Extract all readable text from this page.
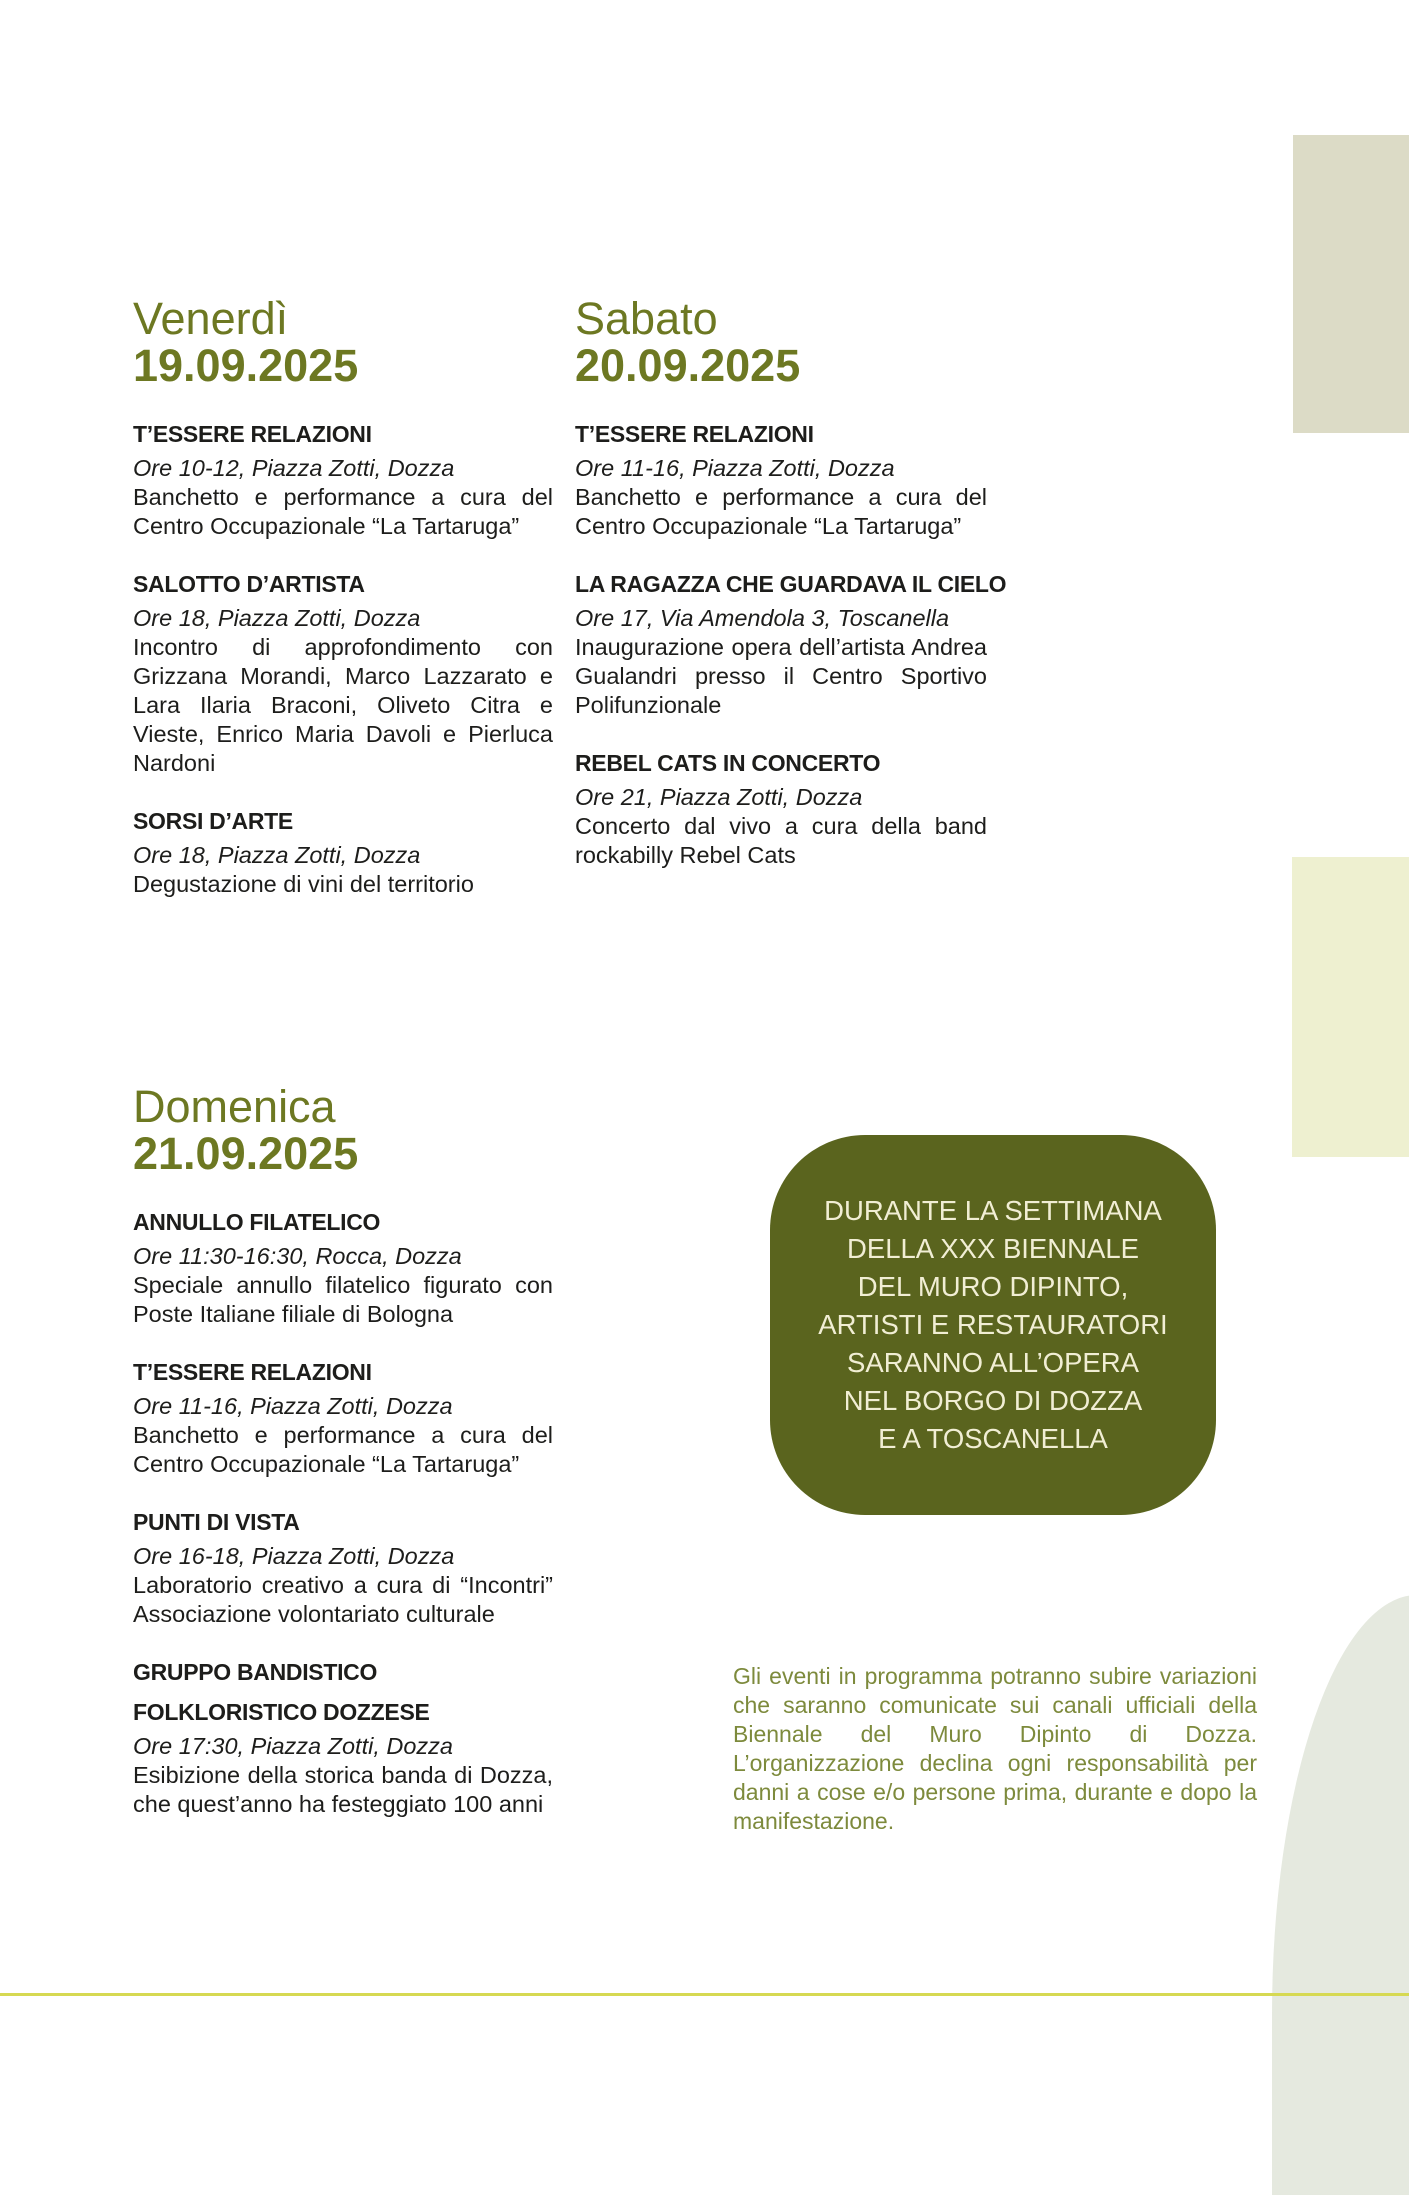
Venerdì
19.09.2025
T’ESSERE RELAZIONI
Ore 10-12, Piazza Zotti, Dozza
Banchetto e performance a cura del Centro Occupazionale “La Tartaruga”
SALOTTO D’ARTISTA
Ore 18, Piazza Zotti, Dozza
Incontro di approfondimento con Grizzana Morandi, Marco Lazzarato e Lara Ilaria Braconi, Oliveto Citra e Vieste, Enrico Maria Davoli e Pierluca Nardoni
SORSI D’ARTE
Ore 18, Piazza Zotti, Dozza
Degustazione di vini del territorio
Sabato
20.09.2025
T’ESSERE RELAZIONI
Ore 11-16, Piazza Zotti, Dozza
Banchetto e performance a cura del Centro Occupazionale “La Tartaruga”
LA RAGAZZA CHE GUARDAVA IL CIELO
Ore 17, Via Amendola 3, Toscanella
Inaugurazione opera dell’artista Andrea Gualandri presso il Centro Sportivo Polifunzionale
REBEL CATS IN CONCERTO
Ore 21, Piazza Zotti, Dozza
Concerto dal vivo a cura della band rockabilly Rebel Cats
Domenica
21.09.2025
ANNULLO FILATELICO
Ore 11:30-16:30, Rocca, Dozza
Speciale annullo filatelico figurato con Poste Italiane filiale di Bologna
T’ESSERE RELAZIONI
Ore 11-16, Piazza Zotti, Dozza
Banchetto e performance a cura del Centro Occupazionale “La Tartaruga”
PUNTI DI VISTA
Ore 16-18, Piazza Zotti, Dozza
Laboratorio creativo a cura di “Incontri” Associazione volontariato culturale
GRUPPO BANDISTICO
FOLKLORISTICO DOZZESE
Ore 17:30, Piazza Zotti, Dozza
Esibizione della storica banda di Dozza, che quest’anno ha festeggiato 100 anni
DURANTE LA SETTIMANA
DELLA XXX BIENNALE
DEL MURO DIPINTO,
ARTISTI E RESTAURATORI
SARANNO ALL’OPERA
NEL BORGO DI DOZZA
E A TOSCANELLA
Gli eventi in programma potranno subire variazioni che saranno comunicate sui canali ufficiali della Biennale del Muro Dipinto di Dozza. L’organizzazione declina ogni responsabilità per danni a cose e/o persone prima, durante e dopo la manifestazione.
